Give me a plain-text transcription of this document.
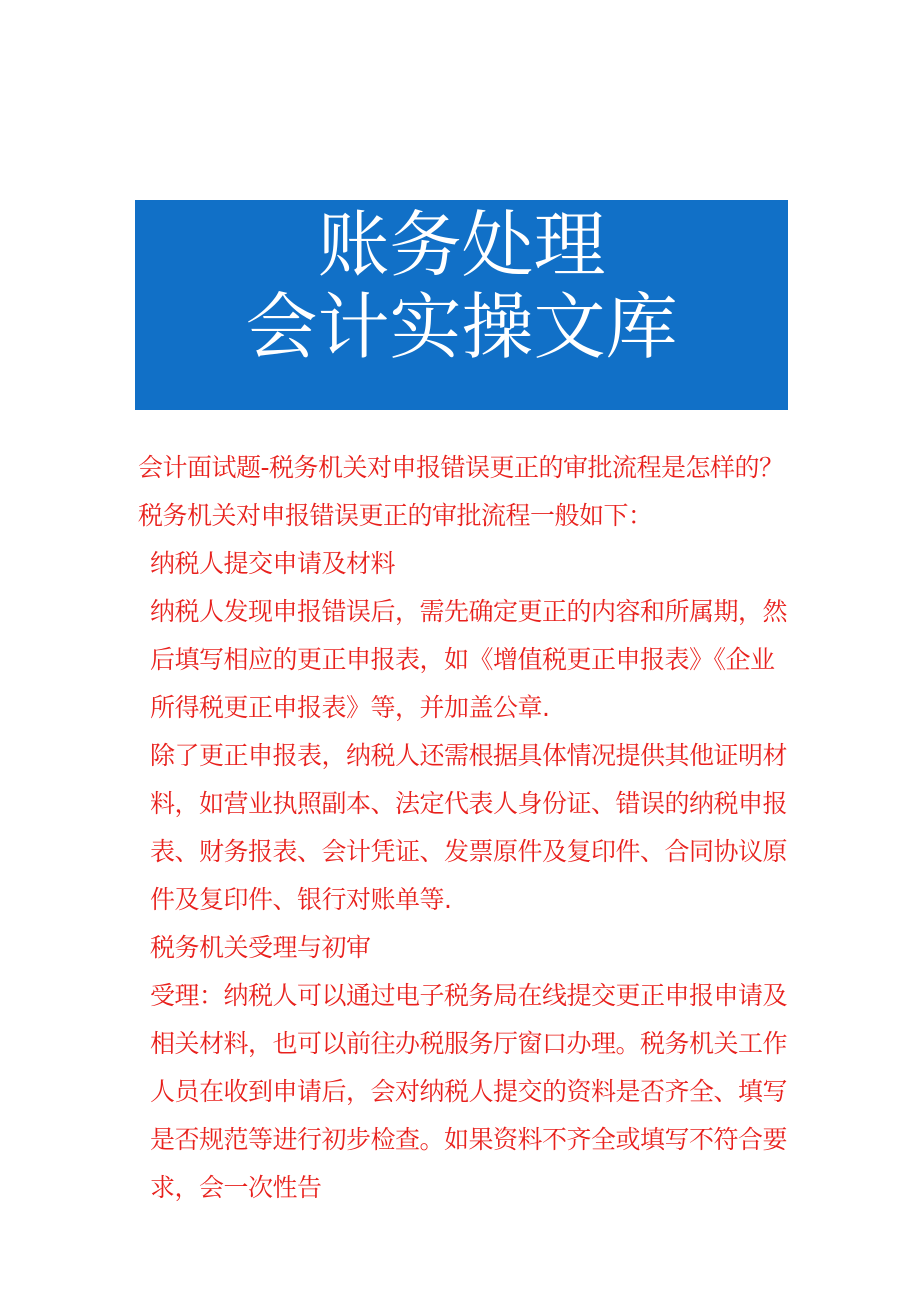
账务处理
会计实操文库

会计面试题-税务机关对申报错误更正的审批流程是怎样的？税务机关对申报错误更正的审批流程一般如下：

纳税人提交申请及材料

纳税人发现申报错误后，需先确定更正的内容和所属期，然后填写相应的更正申报表，如《增值税更正申报表》《企业所得税更正申报表》等，并加盖公章.

除了更正申报表，纳税人还需根据具体情况提供其他证明材料，如营业执照副本、法定代表人身份证、错误的纳税申报表、财务报表、会计凭证、发票原件及复印件、合同协议原件及复印件、银行对账单等.

税务机关受理与初审

受理：纳税人可以通过电子税务局在线提交更正申报申请及相关材料，也可以前往办税服务厅窗口办理。税务机关工作人员在收到申请后，会对纳税人提交的资料是否齐全、填写是否规范等进行初步检查。如果资料不齐全或填写不符合要求，会一次性告
